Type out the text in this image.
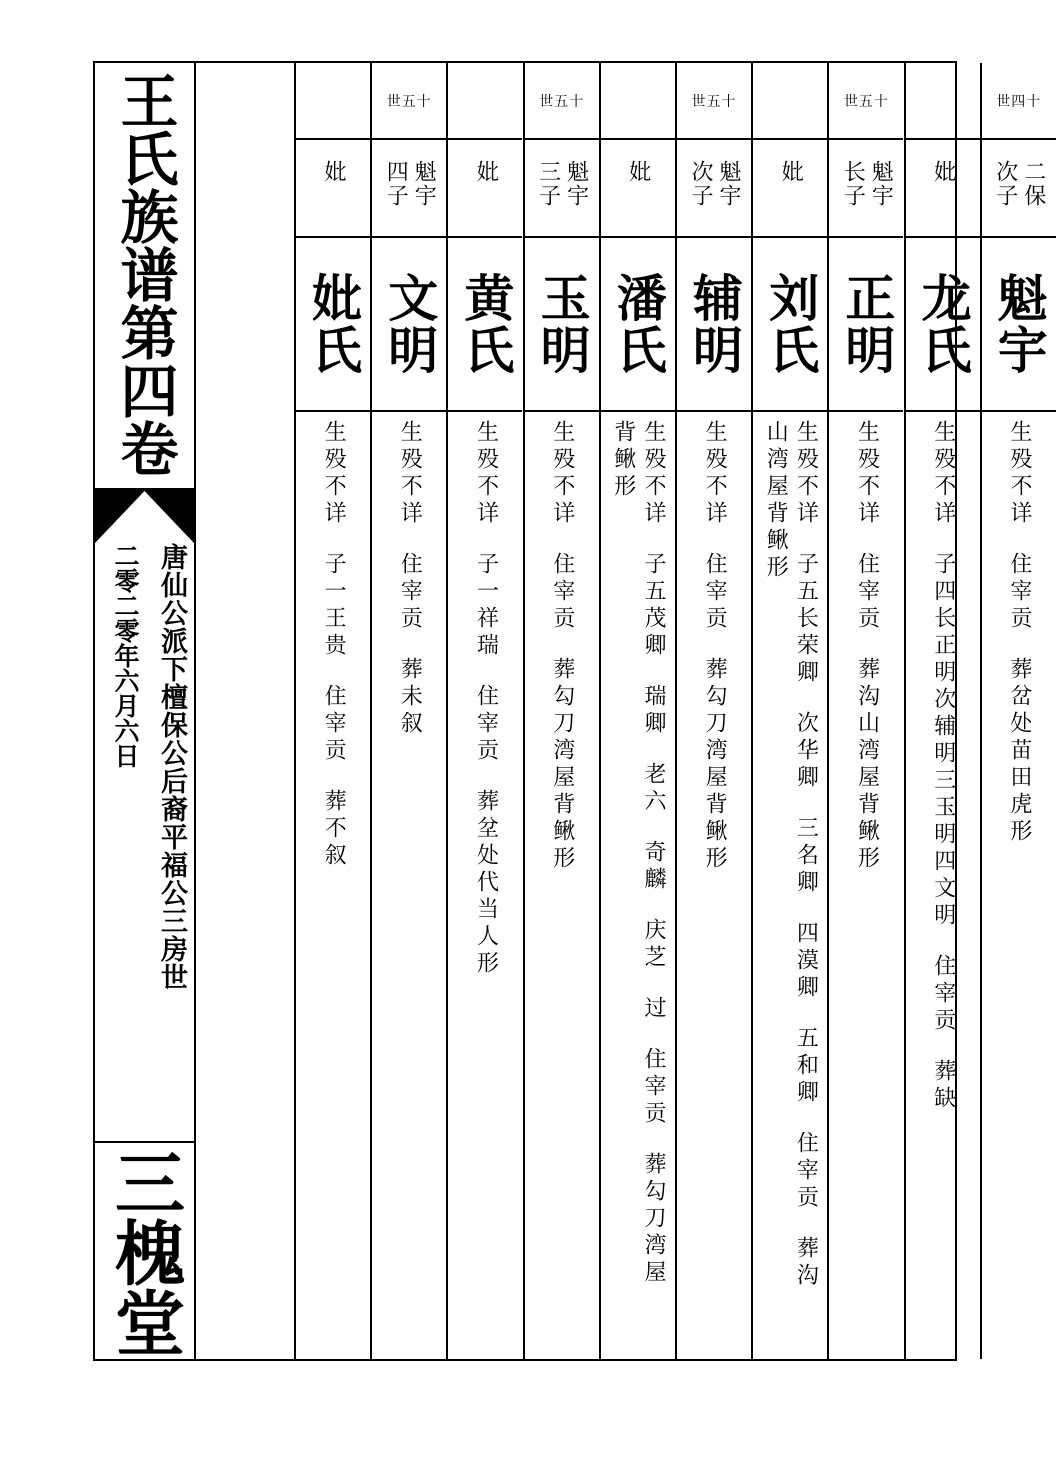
王氏族谱第四卷
唐仙公派下檀保公后裔平福公三房世
二零二零年六月六日
三槐堂
世四十
二保
次子
魁宇
生殁不详  住宰贡  葬岔处苗田虎形
妣
龙氏
生殁不详  子四长正明次辅明三玉明四文明  住宰贡  葬缺
世五十
魁宇
长子
正明
生殁不详  住宰贡  葬沟山湾屋背鳅形
妣
刘氏
生殁不详  子五长荣卿  次华卿  三名卿  四漠卿  五和卿  住宰贡  葬沟
山湾屋背鳅形
世五十
魁宇
次子
辅明
生殁不详  住宰贡  葬勾刀湾屋背鳅形
妣
潘氏
生殁不详  子五茂卿  瑞卿  老六  奇麟  庆芝  过  住宰贡  葬勾刀湾屋
背鳅形
世五十
魁宇
三子
玉明
生殁不详  住宰贡  葬勾刀湾屋背鳅形
妣
黄氏
生殁不详  子一祥瑞  住宰贡  葬坌处代当人形
世五十
魁宇
四子
文明
生殁不详  住宰贡  葬未叙
妣
妣氏
生殁不详  子一王贵  住宰贡  葬不叙
